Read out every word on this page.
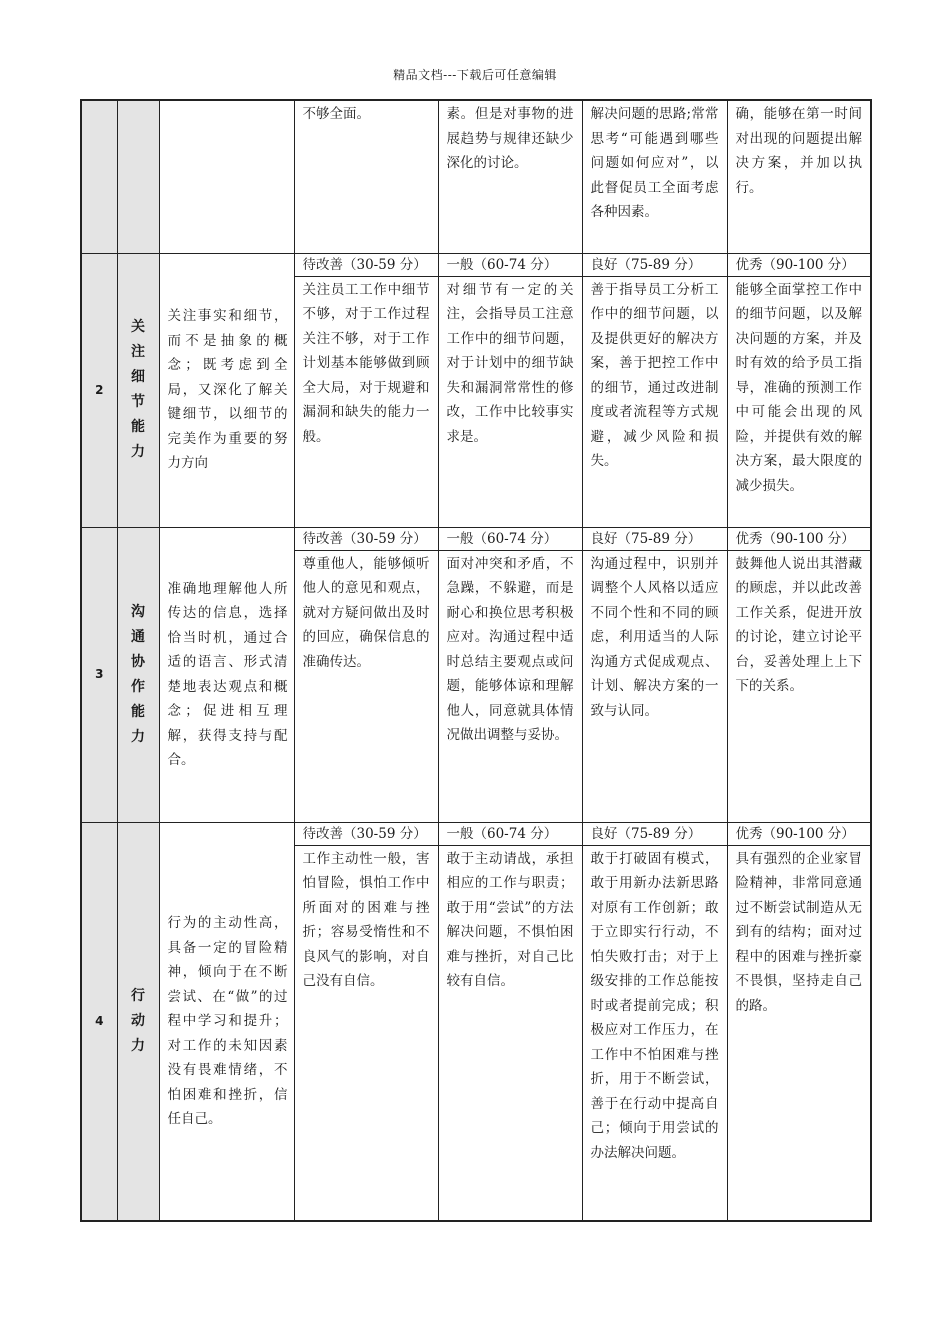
精品文档---下载后可任意编辑
			不够全面。	素。但是对事物的进展趋势与规律还缺少深化的讨论。	解决问题的思路;常常思考“可能遇到哪些问题如何应对”，以此督促员工全面考虑各种因素。	确，能够在第一时间对出现的问题提出解决方案，并加以执行。
2	关注细节能力	关注事实和细节，而不是抽象的概念；既考虑到全局，又深化了解关键细节，以细节的完美作为重要的努力方向	待改善（30-59 分）	一般（60-74 分）	良好（75-89 分）	优秀（90-100 分）
			关注员工工作中细节不够，对于工作过程关注不够，对于工作计划基本能够做到顾全大局，对于规避和漏洞和缺失的能力一般。	对细节有一定的关注，会指导员工注意工作中的细节问题，对于计划中的细节缺失和漏洞常常性的修改，工作中比较事实求是。	善于指导员工分析工作中的细节问题，以及提供更好的解决方案，善于把控工作中的细节，通过改进制度或者流程等方式规避，减少风险和损失。	能够全面掌控工作中的细节问题，以及解决问题的方案，并及时有效的给予员工指导，准确的预测工作中可能会出现的风险，并提供有效的解决方案，最大限度的减少损失。
3	沟通协作能力	准确地理解他人所传达的信息，选择恰当时机，通过合适的语言、形式清楚地表达观点和概念；促进相互理解，获得支持与配合。	待改善（30-59 分）	一般（60-74 分）	良好（75-89 分）	优秀（90-100 分）
			尊重他人，能够倾听他人的意见和观点，就对方疑问做出及时的回应，确保信息的准确传达。	面对冲突和矛盾，不急躁，不躲避，而是耐心和换位思考积极应对。沟通过程中适时总结主要观点或问题，能够体谅和理解他人，同意就具体情况做出调整与妥协。	沟通过程中，识别并调整个人风格以适应不同个性和不同的顾虑，利用适当的人际沟通方式促成观点、计划、解决方案的一致与认同。	鼓舞他人说出其潜藏的顾虑，并以此改善工作关系，促进开放的讨论，建立讨论平台，妥善处理上上下下的关系。
4	行动力	行为的主动性高，具备一定的冒险精神，倾向于在不断尝试、在“做”的过程中学习和提升；对工作的未知因素没有畏难情绪，不怕困难和挫折，信任自己。	待改善（30-59 分）	一般（60-74 分）	良好（75-89 分）	优秀（90-100 分）
			工作主动性一般，害怕冒险，惧怕工作中所面对的困难与挫折；容易受惰性和不良风气的影响，对自己没有自信。	敢于主动请战，承担相应的工作与职责；敢于用“尝试”的方法解决问题，不惧怕困难与挫折，对自己比较有自信。	敢于打破固有模式，敢于用新办法新思路对原有工作创新；敢于立即实行行动，不怕失败打击；对于上级安排的工作总能按时或者提前完成；积极应对工作压力，在工作中不怕困难与挫折，用于不断尝试，善于在行动中提高自己；倾向于用尝试的办法解决问题。	具有强烈的企业家冒险精神，非常同意通过不断尝试制造从无到有的结构；面对过程中的困难与挫折豪不畏惧，坚持走自己的路。
